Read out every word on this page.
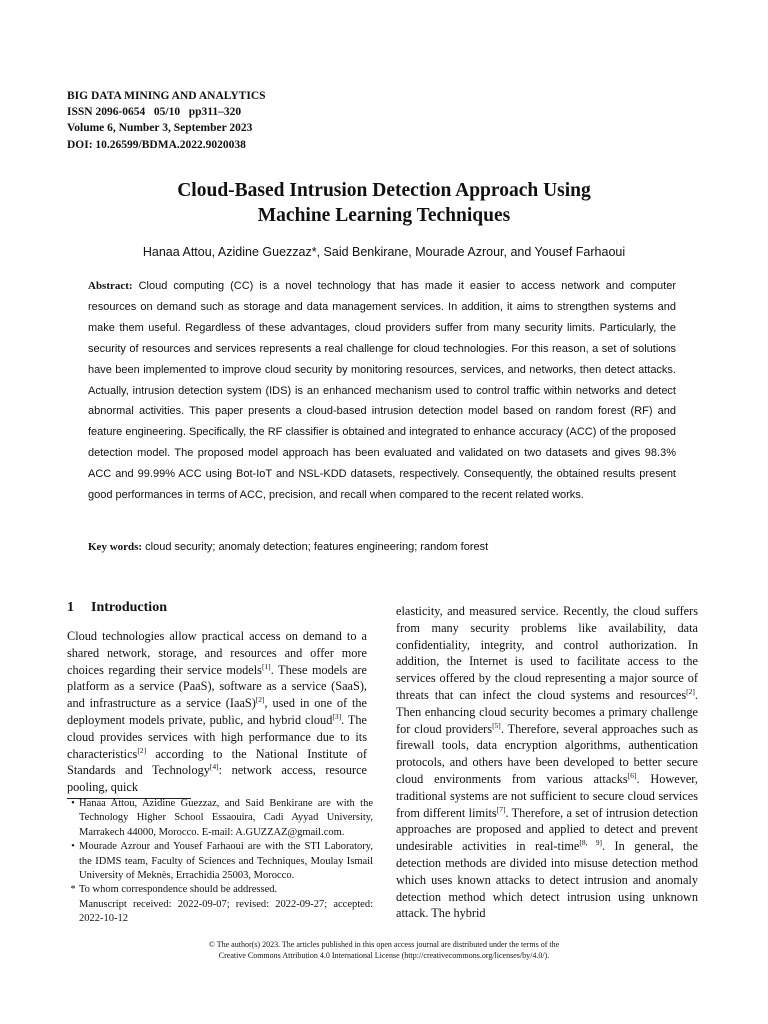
BIG DATA MINING AND ANALYTICS
ISSN 2096-0654   05/10   pp311–320
Volume 6, Number 3, September 2023
DOI: 10.26599/BDMA.2022.9020038
Cloud-Based Intrusion Detection Approach Using
Machine Learning Techniques
Hanaa Attou, Azidine Guezzaz*, Said Benkirane, Mourade Azrour, and Yousef Farhaoui
Abstract: Cloud computing (CC) is a novel technology that has made it easier to access network and computer resources on demand such as storage and data management services. In addition, it aims to strengthen systems and make them useful. Regardless of these advantages, cloud providers suffer from many security limits. Particularly, the security of resources and services represents a real challenge for cloud technologies. For this reason, a set of solutions have been implemented to improve cloud security by monitoring resources, services, and networks, then detect attacks. Actually, intrusion detection system (IDS) is an enhanced mechanism used to control traffic within networks and detect abnormal activities. This paper presents a cloud-based intrusion detection model based on random forest (RF) and feature engineering. Specifically, the RF classifier is obtained and integrated to enhance accuracy (ACC) of the proposed detection model. The proposed model approach has been evaluated and validated on two datasets and gives 98.3% ACC and 99.99% ACC using Bot-IoT and NSL-KDD datasets, respectively. Consequently, the obtained results present good performances in terms of ACC, precision, and recall when compared to the recent related works.
Key words: cloud security; anomaly detection; features engineering; random forest
1 Introduction
Cloud technologies allow practical access on demand to a shared network, storage, and resources and offer more choices regarding their service models[1]. These models are platform as a service (PaaS), software as a service (SaaS), and infrastructure as a service (IaaS)[2], used in one of the deployment models private, public, and hybrid cloud[3]. The cloud provides services with high performance due to its characteristics[2] according to the National Institute of Standards and Technology[4]: network access, resource pooling, quick
elasticity, and measured service. Recently, the cloud suffers from many security problems like availability, data confidentiality, integrity, and control authorization. In addition, the Internet is used to facilitate access to the services offered by the cloud representing a major source of threats that can infect the cloud systems and resources[2]. Then enhancing cloud security becomes a primary challenge for cloud providers[5]. Therefore, several approaches such as firewall tools, data encryption algorithms, authentication protocols, and others have been developed to better secure cloud environments from various attacks[6]. However, traditional systems are not sufficient to secure cloud services from different limits[7]. Therefore, a set of intrusion detection approaches are proposed and applied to detect and prevent undesirable activities in real-time[8, 9]. In general, the detection methods are divided into misuse detection method which uses known attacks to detect intrusion and anomaly detection method which detect intrusion using unknown attack. The hybrid
• Hanaa Attou, Azidine Guezzaz, and Said Benkirane are with the Technology Higher School Essaouira, Cadi Ayyad University, Marrakech 44000, Morocco. E-mail: A.GUZZAZ@gmail.com.
• Mourade Azrour and Yousef Farhaoui are with the STI Laboratory, the IDMS team, Faculty of Sciences and Techniques, Moulay Ismail University of Meknès, Errachidia 25003, Morocco.
* To whom correspondence should be addressed.
Manuscript received: 2022-09-07; revised: 2022-09-27; accepted: 2022-10-12
© The author(s) 2023. The articles published in this open access journal are distributed under the terms of the
Creative Commons Attribution 4.0 International License (http://creativecommons.org/licenses/by/4.0/).
